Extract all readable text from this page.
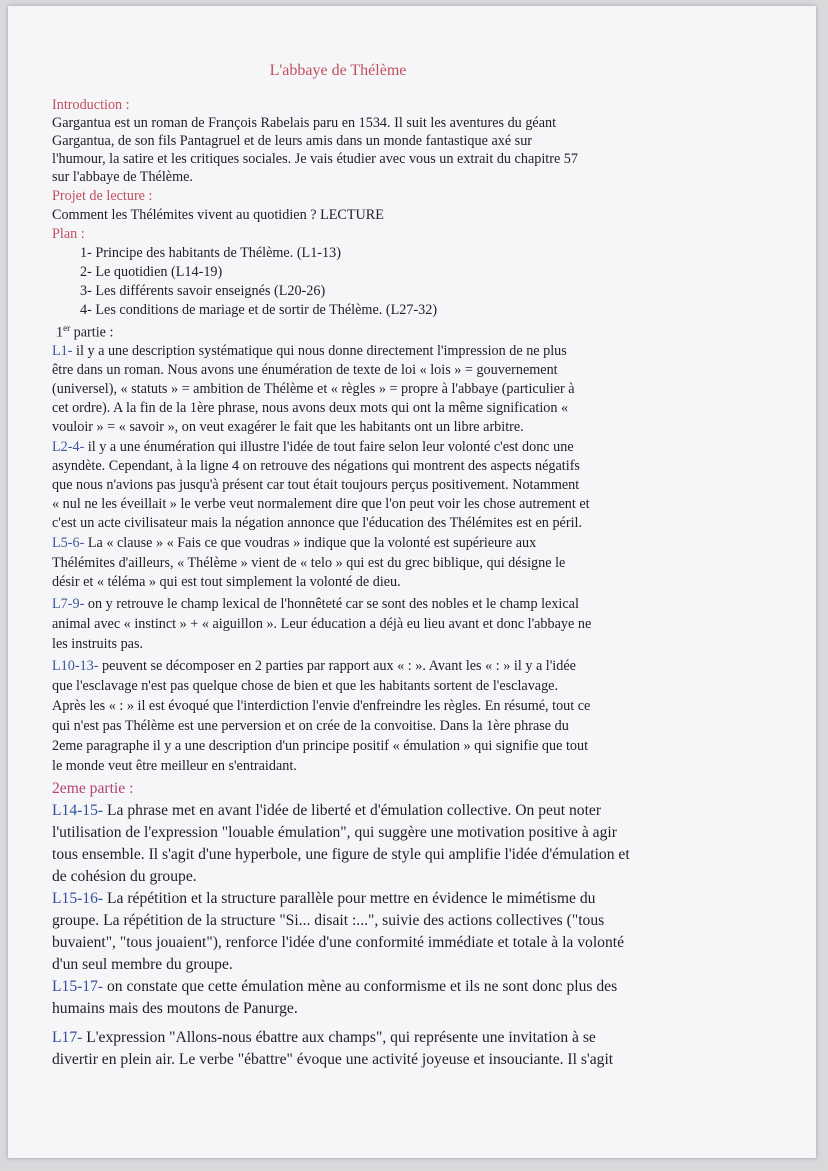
L'abbaye de Thélème
Introduction :
Gargantua est un roman de François Rabelais paru en 1534. Il suit les aventures du géant
Gargantua, de son fils Pantagruel et de leurs amis dans un monde fantastique axé sur
l'humour, la satire et les critiques sociales. Je vais étudier avec vous un extrait du chapitre 57
sur l'abbaye de Thélème.
Projet de lecture :
Comment les Thélémites vivent au quotidien ? LECTURE
Plan :
1- Principe des habitants de Thélème. (L1-13)
2- Le quotidien (L14-19)
3- Les différents savoir enseignés (L20-26)
4- Les conditions de mariage et de sortir de Thélème. (L27-32)
1er partie :
L1- il y a une description systématique qui nous donne directement l'impression de ne plus
être dans un roman. Nous avons une énumération de texte de loi « lois » = gouvernement
(universel), « statuts » = ambition de Thélème et « règles » = propre à l'abbaye (particulier à
cet ordre). A la fin de la 1ère phrase, nous avons deux mots qui ont la même signification «
vouloir » = « savoir », on veut exagérer le fait que les habitants ont un libre arbitre.
L2-4- il y a une énumération qui illustre l'idée de tout faire selon leur volonté c'est donc une
asyndète. Cependant, à la ligne 4 on retrouve des négations qui montrent des aspects négatifs
que nous n'avions pas jusqu'à présent car tout était toujours perçus positivement. Notamment
« nul ne les éveillait » le verbe veut normalement dire que l'on peut voir les chose autrement et
c'est un acte civilisateur mais la négation annonce que l'éducation des Thélémites est en péril.
L5-6- La « clause » « Fais ce que voudras » indique que la volonté est supérieure aux
Thélémites d'ailleurs, « Thélème » vient de « telo » qui est du grec biblique, qui désigne le
désir et « téléma » qui est tout simplement la volonté de dieu.
L7-9- on y retrouve le champ lexical de l'honnêteté car se sont des nobles et le champ lexical
animal avec « instinct » + « aiguillon ». Leur éducation a déjà eu lieu avant et donc l'abbaye ne
les instruits pas.
L10-13- peuvent se décomposer en 2 parties par rapport aux « : ». Avant les « : » il y a l'idée
que l'esclavage n'est pas quelque chose de bien et que les habitants sortent de l'esclavage.
Après les « : » il est évoqué que l'interdiction l'envie d'enfreindre les règles. En résumé, tout ce
qui n'est pas Thélème est une perversion et on crée de la convoitise. Dans la 1ère phrase du
2eme paragraphe il y a une description d'un principe positif « émulation » qui signifie que tout
le monde veut être meilleur en s'entraidant.
2eme partie :
L14-15- La phrase met en avant l'idée de liberté et d'émulation collective. On peut noter
l'utilisation de l'expression "louable émulation", qui suggère une motivation positive à agir
tous ensemble. Il s'agit d'une hyperbole, une figure de style qui amplifie l'idée d'émulation et
de cohésion du groupe.
L15-16- La répétition et la structure parallèle pour mettre en évidence le mimétisme du
groupe. La répétition de la structure "Si... disait :...", suivie des actions collectives ("tous
buvaient", "tous jouaient"), renforce l'idée d'une conformité immédiate et totale à la volonté
d'un seul membre du groupe.
L15-17- on constate que cette émulation mène au conformisme et ils ne sont donc plus des
humains mais des moutons de Panurge.
L17- L'expression "Allons-nous ébattre aux champs", qui représente une invitation à se
divertir en plein air. Le verbe "ébattre" évoque une activité joyeuse et insouciante. Il s'agit
